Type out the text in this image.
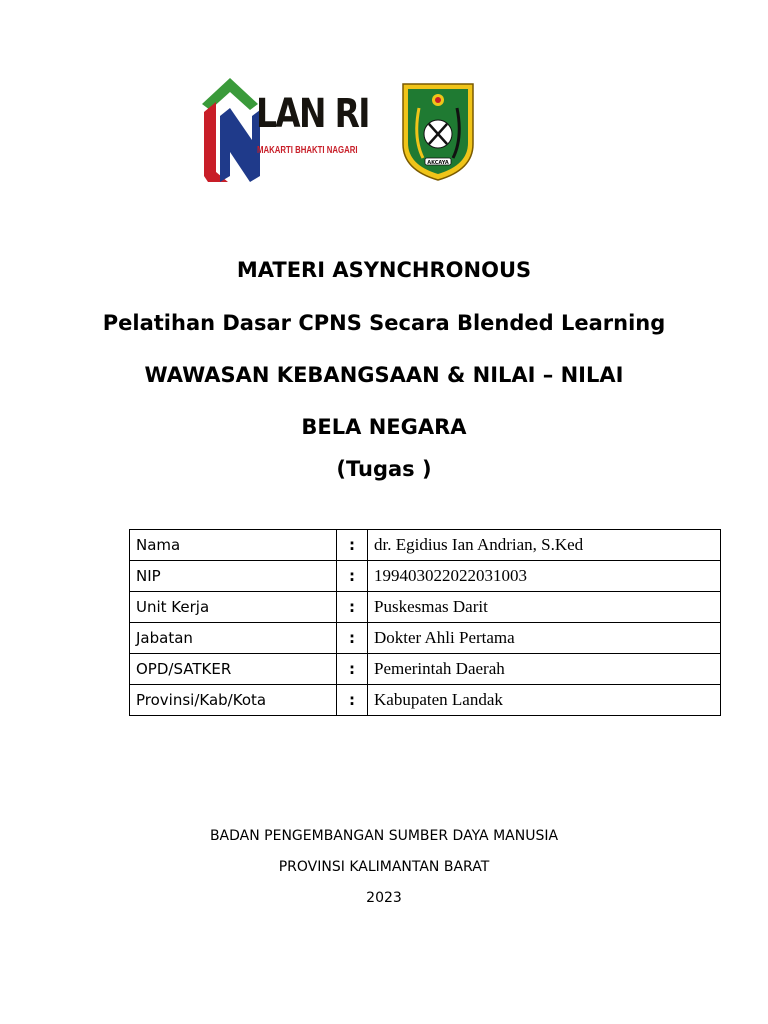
LAN RI
MAKARTI BHAKTI NAGARI
AKCAYA
MATERI ASYNCHRONOUS
Pelatihan Dasar CPNS Secara Blended Learning
WAWASAN KEBANGSAAN & NILAI – NILAI
BELA NEGARA
(Tugas )
Nama	:	dr. Egidius Ian Andrian, S.Ked
NIP	:	199403022022031003
Unit Kerja	:	Puskesmas Darit
Jabatan	:	Dokter Ahli Pertama
OPD/SATKER	:	Pemerintah Daerah
Provinsi/Kab/Kota	:	Kabupaten Landak
BADAN PENGEMBANGAN SUMBER DAYA MANUSIA
PROVINSI KALIMANTAN BARAT
2023
